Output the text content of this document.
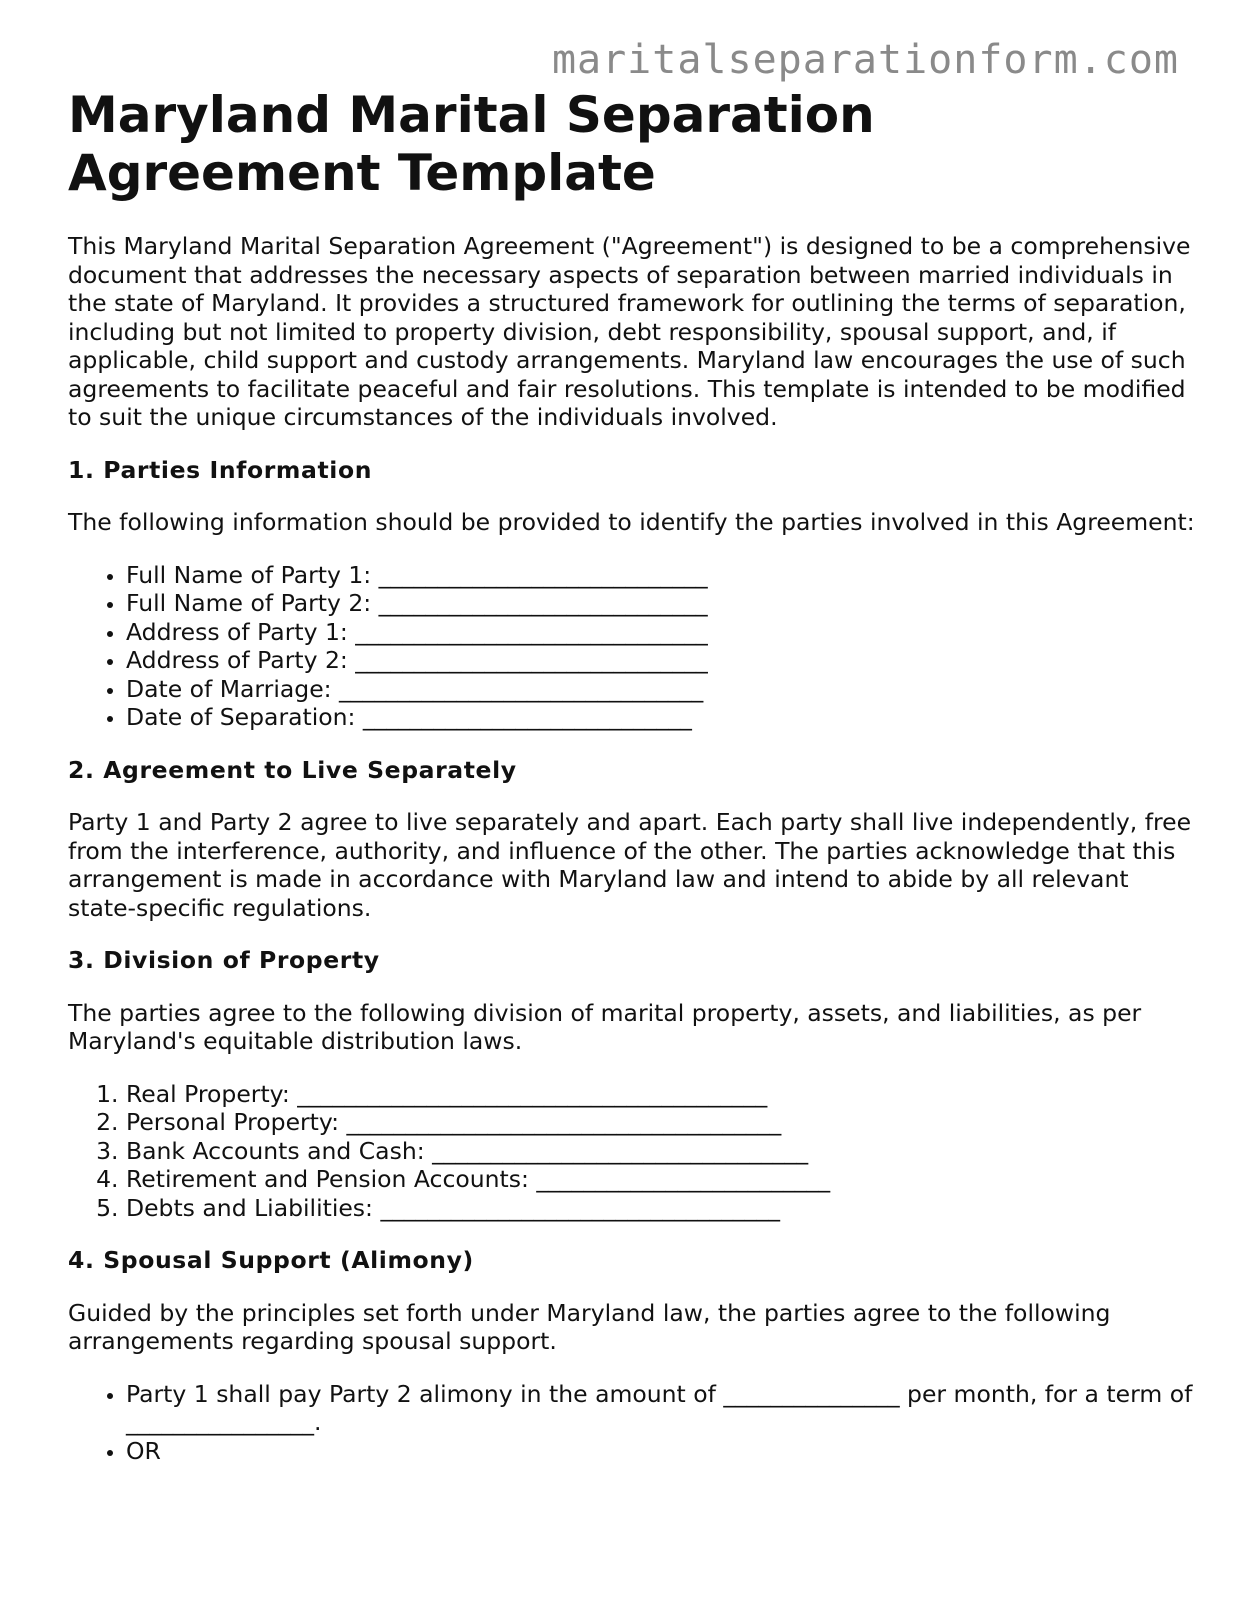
maritalseparationform.com
Maryland Marital Separation Agreement Template

This Maryland Marital Separation Agreement ("Agreement") is designed to be a comprehensive document that addresses the necessary aspects of separation between married individuals in the state of Maryland. It provides a structured framework for outlining the terms of separation, including but not limited to property division, debt responsibility, spousal support, and, if applicable, child support and custody arrangements. Maryland law encourages the use of such agreements to facilitate peaceful and fair resolutions. This template is intended to be modified to suit the unique circumstances of the individuals involved.

1. Parties Information

The following information should be provided to identify the parties involved in this Agreement:

• Full Name of Party 1: ____________________________
• Full Name of Party 2: ____________________________
• Address of Party 1: ______________________________
• Address of Party 2: ______________________________
• Date of Marriage: _______________________________
• Date of Separation: ____________________________
2. Agreement to Live Separately

Party 1 and Party 2 agree to live separately and apart. Each party shall live independently, free from the interference, authority, and influence of the other. The parties acknowledge that this arrangement is made in accordance with Maryland law and intend to abide by all relevant state-specific regulations.

3. Division of Property

The parties agree to the following division of marital property, assets, and liabilities, as per Maryland's equitable distribution laws.

1. Real Property: ________________________________________
2. Personal Property: _____________________________________
3. Bank Accounts and Cash: ________________________________
4. Retirement and Pension Accounts: _________________________
5. Debts and Liabilities: __________________________________
4. Spousal Support (Alimony)

Guided by the principles set forth under Maryland law, the parties agree to the following arrangements regarding spousal support.

• Party 1 shall pay Party 2 alimony in the amount of _______________ per month, for a term of ________________.
• OR
